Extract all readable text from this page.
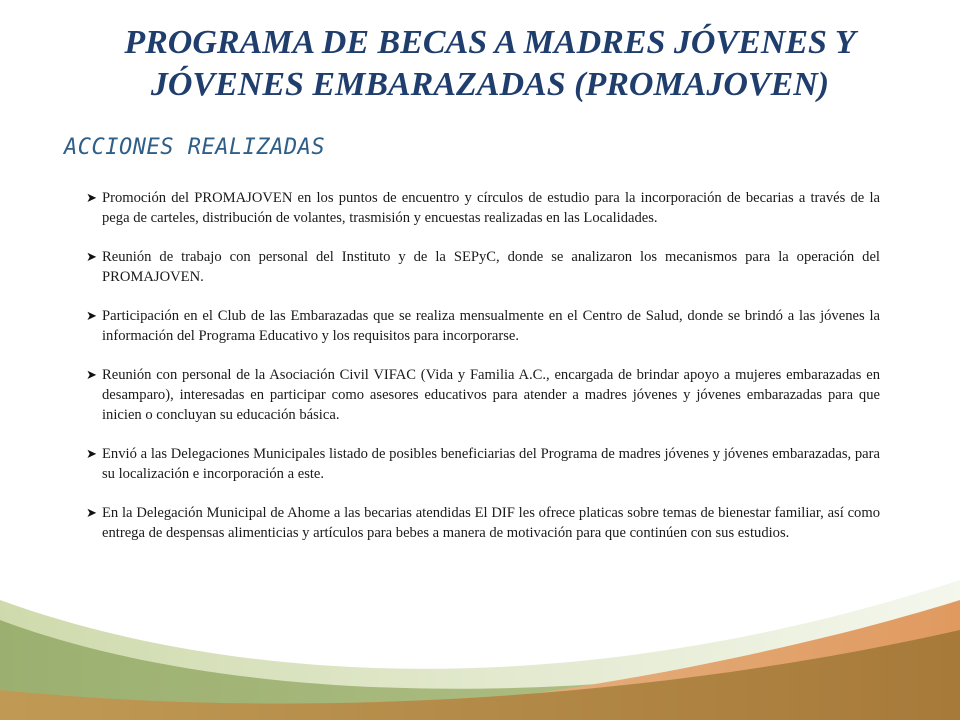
PROGRAMA DE BECAS A MADRES JÓVENES Y
JÓVENES EMBARAZADAS (PROMAJOVEN)
ACCIONES REALIZADAS
➤ Promoción del PROMAJOVEN en los puntos de encuentro y círculos de estudio para la incorporación de becarias a través de la pega de carteles, distribución de volantes, trasmisión y encuestas realizadas en las Localidades.
➤ Reunión de trabajo con personal del Instituto y de la SEPyC, donde se analizaron los mecanismos para la operación del PROMAJOVEN.
➤ Participación en el Club de las Embarazadas que se realiza mensualmente en el Centro de Salud, donde se brindó a las jóvenes la información del Programa Educativo y los requisitos para incorporarse.
➤ Reunión con personal de la Asociación Civil VIFAC (Vida y Familia A.C., encargada de brindar apoyo a mujeres embarazadas en desamparo), interesadas en participar como asesores educativos para atender a madres jóvenes y jóvenes embarazadas para que inicien o concluyan su educación básica.
➤ Envió a las Delegaciones Municipales listado de posibles beneficiarias del Programa de madres jóvenes y jóvenes embarazadas, para su localización e incorporación a este.
➤ En la Delegación Municipal de Ahome a las becarias atendidas El DIF les ofrece platicas sobre temas de bienestar familiar, así como entrega de despensas alimenticias y artículos para bebes a manera de motivación para que continúen con sus estudios.
